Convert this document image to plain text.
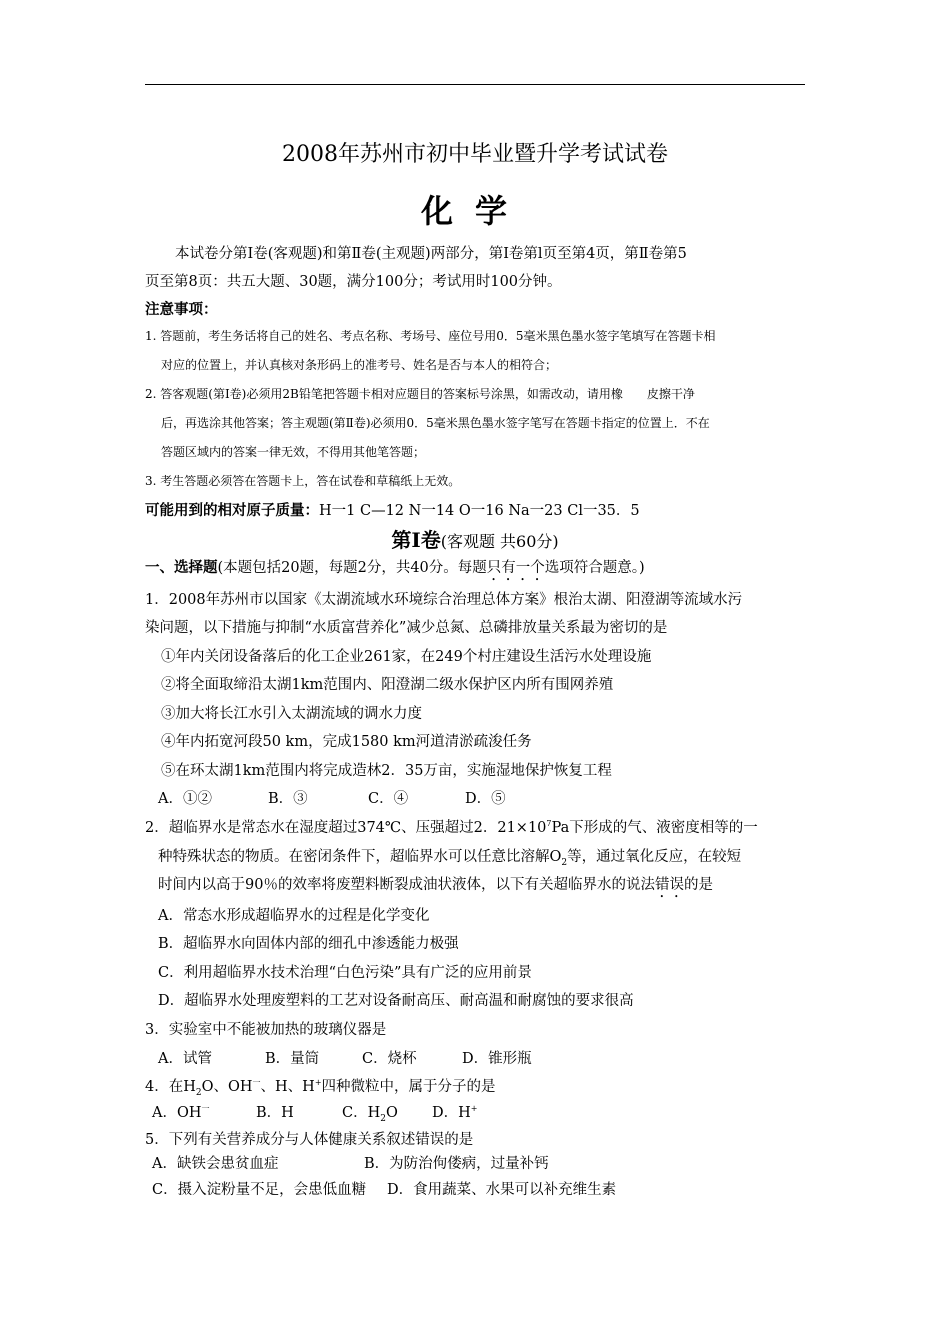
2008年苏州市初中毕业暨升学考试试卷
化学
本试卷分第Ⅰ卷(客观题)和第Ⅱ卷(主观题)两部分，第Ⅰ卷第l页至第4页，第Ⅱ卷第5
页至第8页：共五大题、30题，满分100分；考试用时100分钟。
注意事项：
1. 答题前，考生务话将自己的姓名、考点名称、考场号、座位号用0．5毫米黑色墨水签字笔填写在答题卡相
对应的位置上，并认真核对条形码上的准考号、姓名是否与本人的相符合；
2. 答客观题(第Ⅰ卷)必须用2B铅笔把答题卡相对应题目的答案标号涂黑，如需改动，请用橡　　皮擦干净
后，再选涂其他答案；答主观题(第Ⅱ卷)必须用0．5毫米黑色墨水签字笔写在答题卡指定的位置上．不在
答题区域内的答案一律无效，不得用其他笔答题；
3. 考生答题必须答在答题卡上，答在试卷和草稿纸上无效。
可能用到的相对原子质量：H一1 C—12 N一14 O一16 Na一23 Cl一35．5
第Ⅰ卷(客观题 共60分)
一、选择题(本题包括20题，每题2分，共40分。每题只有一个选项符合题意。)
1．2008年苏州市以国家《太湖流域水环境综合治理总体方案》根治太湖、阳澄湖等流域水污
染问题，以下措施与抑制“水质富营养化”减少总氮、总磷排放量关系最为密切的是
①年内关闭设备落后的化工企业261家，在249个村庄建设生活污水处理设施
②将全面取缔沿太湖1km范围内、阳澄湖二级水保护区内所有围网养殖
③加大将长江水引入太湖流域的调水力度
④年内拓宽河段50 km，完成1580 km河道清淤疏浚任务
⑤在环太湖1km范围内将完成造林2．35万亩，实施湿地保护恢复工程
A．①②	B．③	C．④	D．⑤
2．超临界水是常态水在湿度超过374℃、压强超过2．$21\times 10^7Pa$下形成的气、液密度相等的一
种特殊状态的物质。在密闭条件下，超临界水可以任意比溶解$O_2$等，通过氧化反应，在较短
时间内以高于90％的效率将废塑料断裂成油状液体，以下有关超临界水的说法错误的是
A．常态水形成超临界水的过程是化学变化
B．超临界水向固体内部的细孔中渗透能力极强
C．利用超临界水技术治理“白色污染”具有广泛的应用前景
D．超临界水处理废塑料的工艺对设备耐高压、耐高温和耐腐蚀的要求很高
3．实验室中不能被加热的玻璃仪器是
A．试管	B．量筒	C．烧杯	D．锥形瓶
4．在$H_2O$、$OH^一$、H、H+四种微粒中，属于分子的是
A．$OH^一$	B．H	C．$H_2O$ D．H+
5．下列有关营养成分与人体健康关系叙述错误的是
A．缺铁会患贫血症	B．为防治佝偻病，过量补钙
C．摄入淀粉量不足，会患低血糖 D．食用蔬菜、水果可以补充维生素
